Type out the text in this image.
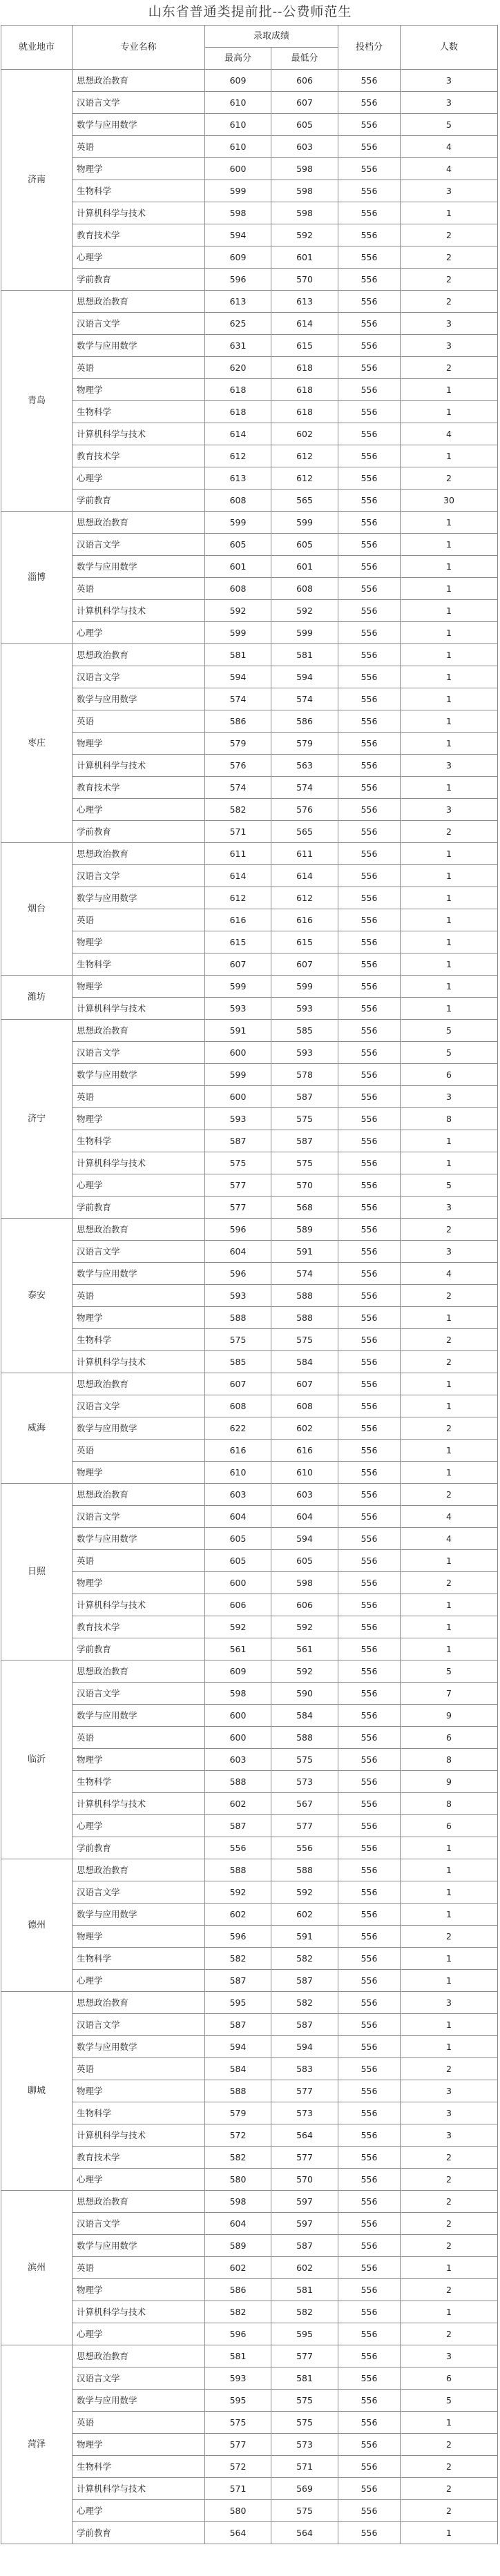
山东省普通类提前批--公费师范生
就业地市	专业名称	录取成绩		投档分	人数
		最高分	最低分		
济南	思想政治教育	609	606	556	3
	汉语言文学	610	607	556	3
	数学与应用数学	610	605	556	5
	英语	610	603	556	4
	物理学	600	598	556	4
	生物科学	599	598	556	3
	计算机科学与技术	598	598	556	1
	教育技术学	594	592	556	2
	心理学	609	601	556	2
	学前教育	596	570	556	2
青岛	思想政治教育	613	613	556	2
	汉语言文学	625	614	556	3
	数学与应用数学	631	615	556	3
	英语	620	618	556	2
	物理学	618	618	556	1
	生物科学	618	618	556	1
	计算机科学与技术	614	602	556	4
	教育技术学	612	612	556	1
	心理学	613	612	556	2
	学前教育	608	565	556	30
淄博	思想政治教育	599	599	556	1
	汉语言文学	605	605	556	1
	数学与应用数学	601	601	556	1
	英语	608	608	556	1
	计算机科学与技术	592	592	556	1
	心理学	599	599	556	1
枣庄	思想政治教育	581	581	556	1
	汉语言文学	594	594	556	1
	数学与应用数学	574	574	556	1
	英语	586	586	556	1
	物理学	579	579	556	1
	计算机科学与技术	576	563	556	3
	教育技术学	574	574	556	1
	心理学	582	576	556	3
	学前教育	571	565	556	2
烟台	思想政治教育	611	611	556	1
	汉语言文学	614	614	556	1
	数学与应用数学	612	612	556	1
	英语	616	616	556	1
	物理学	615	615	556	1
	生物科学	607	607	556	1
潍坊	物理学	599	599	556	1
	计算机科学与技术	593	593	556	1
济宁	思想政治教育	591	585	556	5
	汉语言文学	600	593	556	5
	数学与应用数学	599	578	556	6
	英语	600	587	556	3
	物理学	593	575	556	8
	生物科学	587	587	556	1
	计算机科学与技术	575	575	556	1
	心理学	577	570	556	5
	学前教育	577	568	556	3
泰安	思想政治教育	596	589	556	2
	汉语言文学	604	591	556	3
	数学与应用数学	596	574	556	4
	英语	593	588	556	2
	物理学	588	588	556	1
	生物科学	575	575	556	2
	计算机科学与技术	585	584	556	2
威海	思想政治教育	607	607	556	1
	汉语言文学	608	608	556	1
	数学与应用数学	622	602	556	2
	英语	616	616	556	1
	物理学	610	610	556	1
日照	思想政治教育	603	603	556	2
	汉语言文学	604	604	556	4
	数学与应用数学	605	594	556	4
	英语	605	605	556	1
	物理学	600	598	556	2
	计算机科学与技术	606	606	556	1
	教育技术学	592	592	556	1
	学前教育	561	561	556	1
临沂	思想政治教育	609	592	556	5
	汉语言文学	598	590	556	7
	数学与应用数学	600	584	556	9
	英语	600	588	556	6
	物理学	603	575	556	8
	生物科学	588	573	556	9
	计算机科学与技术	602	567	556	8
	心理学	587	577	556	6
	学前教育	556	556	556	1
德州	思想政治教育	588	588	556	1
	汉语言文学	592	592	556	1
	数学与应用数学	602	602	556	1
	物理学	596	591	556	2
	生物科学	582	582	556	1
	心理学	587	587	556	1
聊城	思想政治教育	595	582	556	3
	汉语言文学	587	587	556	1
	数学与应用数学	594	594	556	1
	英语	584	583	556	2
	物理学	588	577	556	3
	生物科学	579	573	556	3
	计算机科学与技术	572	564	556	3
	教育技术学	582	577	556	2
	心理学	580	570	556	2
滨州	思想政治教育	598	597	556	2
	汉语言文学	604	597	556	2
	数学与应用数学	589	587	556	2
	英语	602	602	556	1
	物理学	586	581	556	2
	计算机科学与技术	582	582	556	1
	心理学	596	595	556	2
菏泽	思想政治教育	581	577	556	3
	汉语言文学	593	581	556	6
	数学与应用数学	595	575	556	5
	英语	575	575	556	1
	物理学	577	573	556	2
	生物科学	572	571	556	2
	计算机科学与技术	571	569	556	2
	心理学	580	575	556	2
	学前教育	564	564	556	1
